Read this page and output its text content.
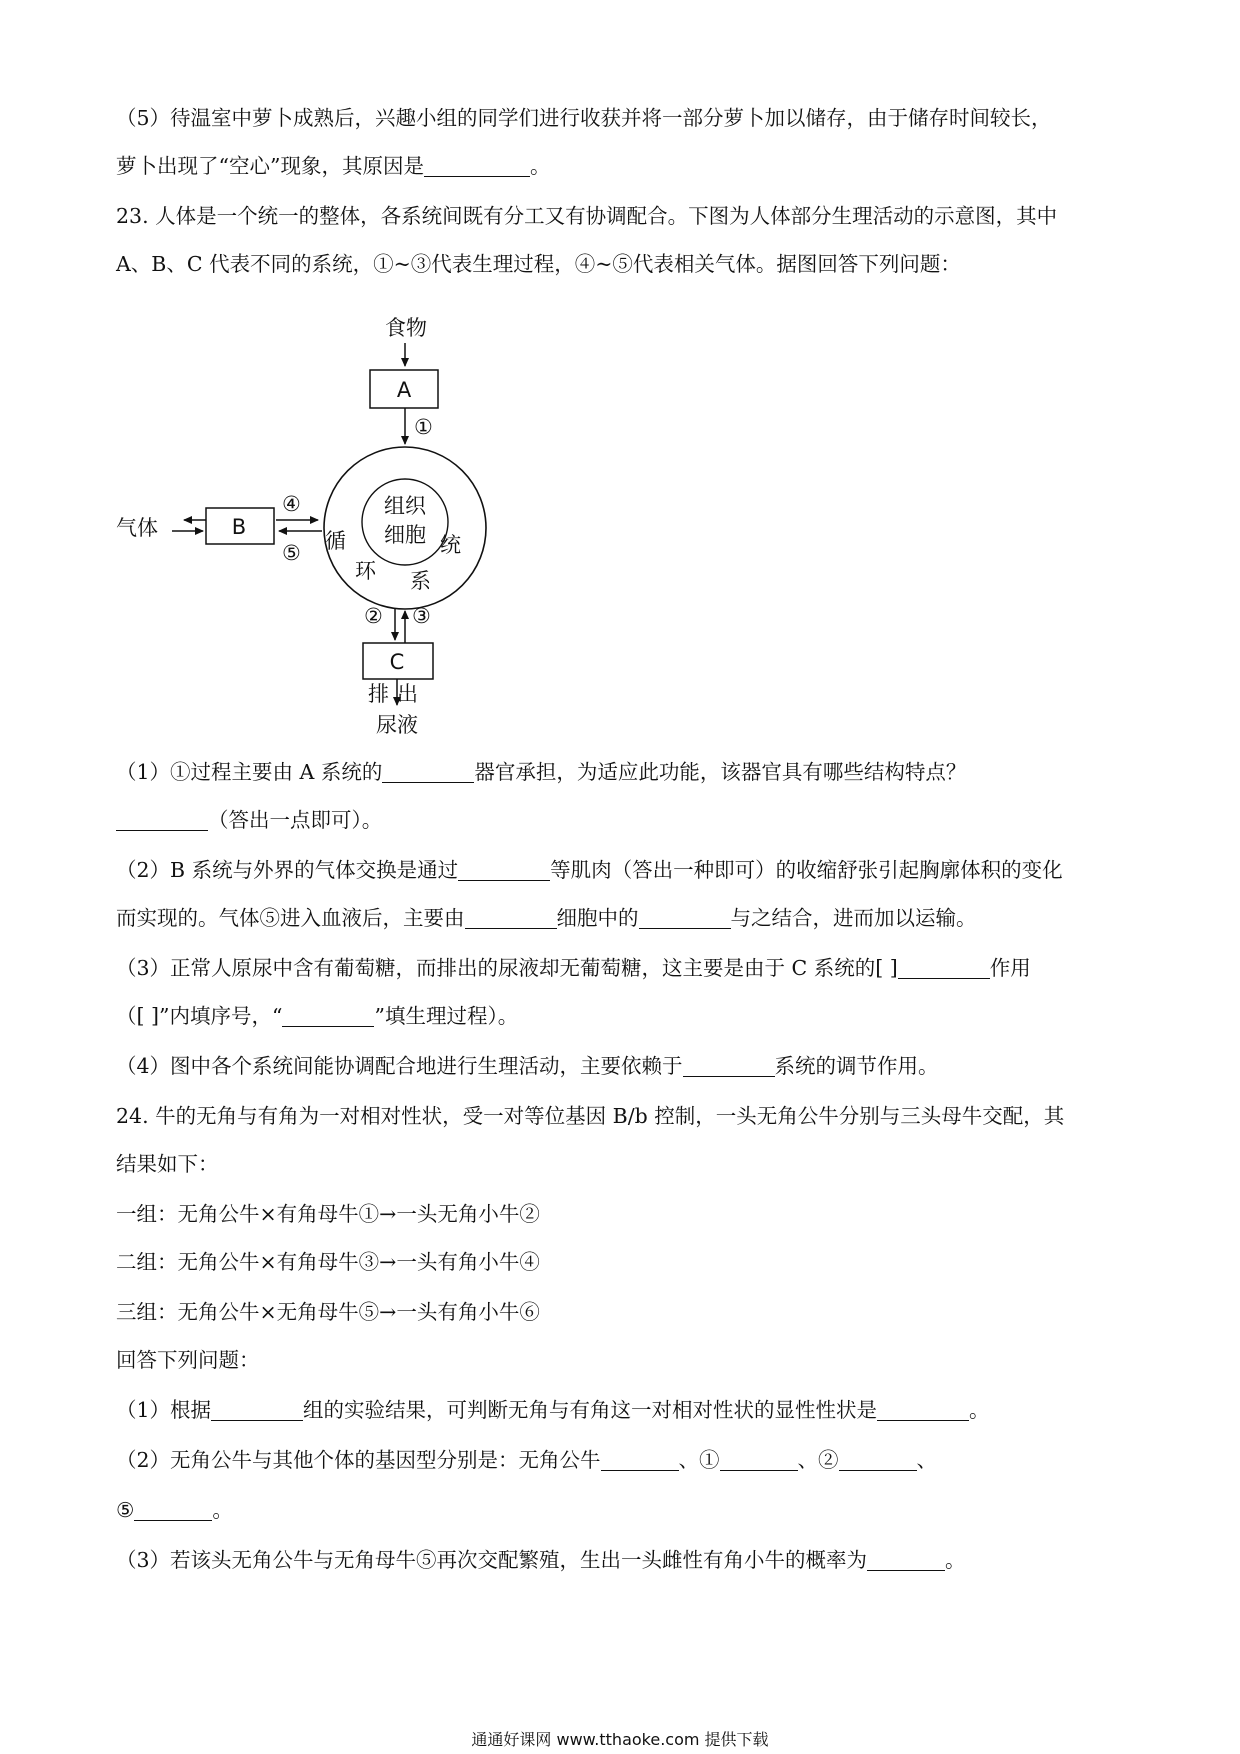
（5）待温室中萝卜成熟后，兴趣小组的同学们进行收获并将一部分萝卜加以储存，由于储存时间较长，
萝卜出现了“空心”现象，其原因是	。
23. 人体是一个统一的整体，各系统间既有分工又有协调配合。下图为人体部分生理活动的示意图，其中
A、B、C 代表不同的系统，①~③代表生理过程，④~⑤代表相关气体。据图回答下列问题：
食物
A
①
组织
细胞
循
环 系
统
B
气体
④
⑤
② ③
C
排出
尿液
（1）①过程主要由 A 系统的	器官承担，为适应此功能，该器官具有哪些结构特点？
（答出一点即可）。
（2）B 系统与外界的气体交换是通过	等肌肉（答出一种即可）的收缩舒张引起胸廓体积的变化
而实现的。气体⑤进入血液后，主要由	细胞中的	与之结合，进而加以运输。
（3）正常人原尿中含有葡萄糖，而排出的尿液却无葡萄糖，这主要是由于 C 系统的[ ]	作用
（[ ]”内填序号，“	”填生理过程）。
（4）图中各个系统间能协调配合地进行生理活动，主要依赖于	系统的调节作用。
24. 牛的无角与有角为一对相对性状，受一对等位基因 B/b 控制，一头无角公牛分别与三头母牛交配，其
结果如下：
一组：无角公牛×有角母牛①→一头无角小牛②
二组：无角公牛×有角母牛③→一头有角小牛④
三组：无角公牛×无角母牛⑤→一头有角小牛⑥
回答下列问题：
（1）根据	组的实验结果，可判断无角与有角这一对相对性状的显性性状是	。
（2）无角公牛与其他个体的基因型分别是：无角公牛	、①	、②	、
⑤	。
（3）若该头无角公牛与无角母牛⑤再次交配繁殖，生出一头雌性有角小牛的概率为	。
通通好课网 www.tthaoke.com 提供下载
